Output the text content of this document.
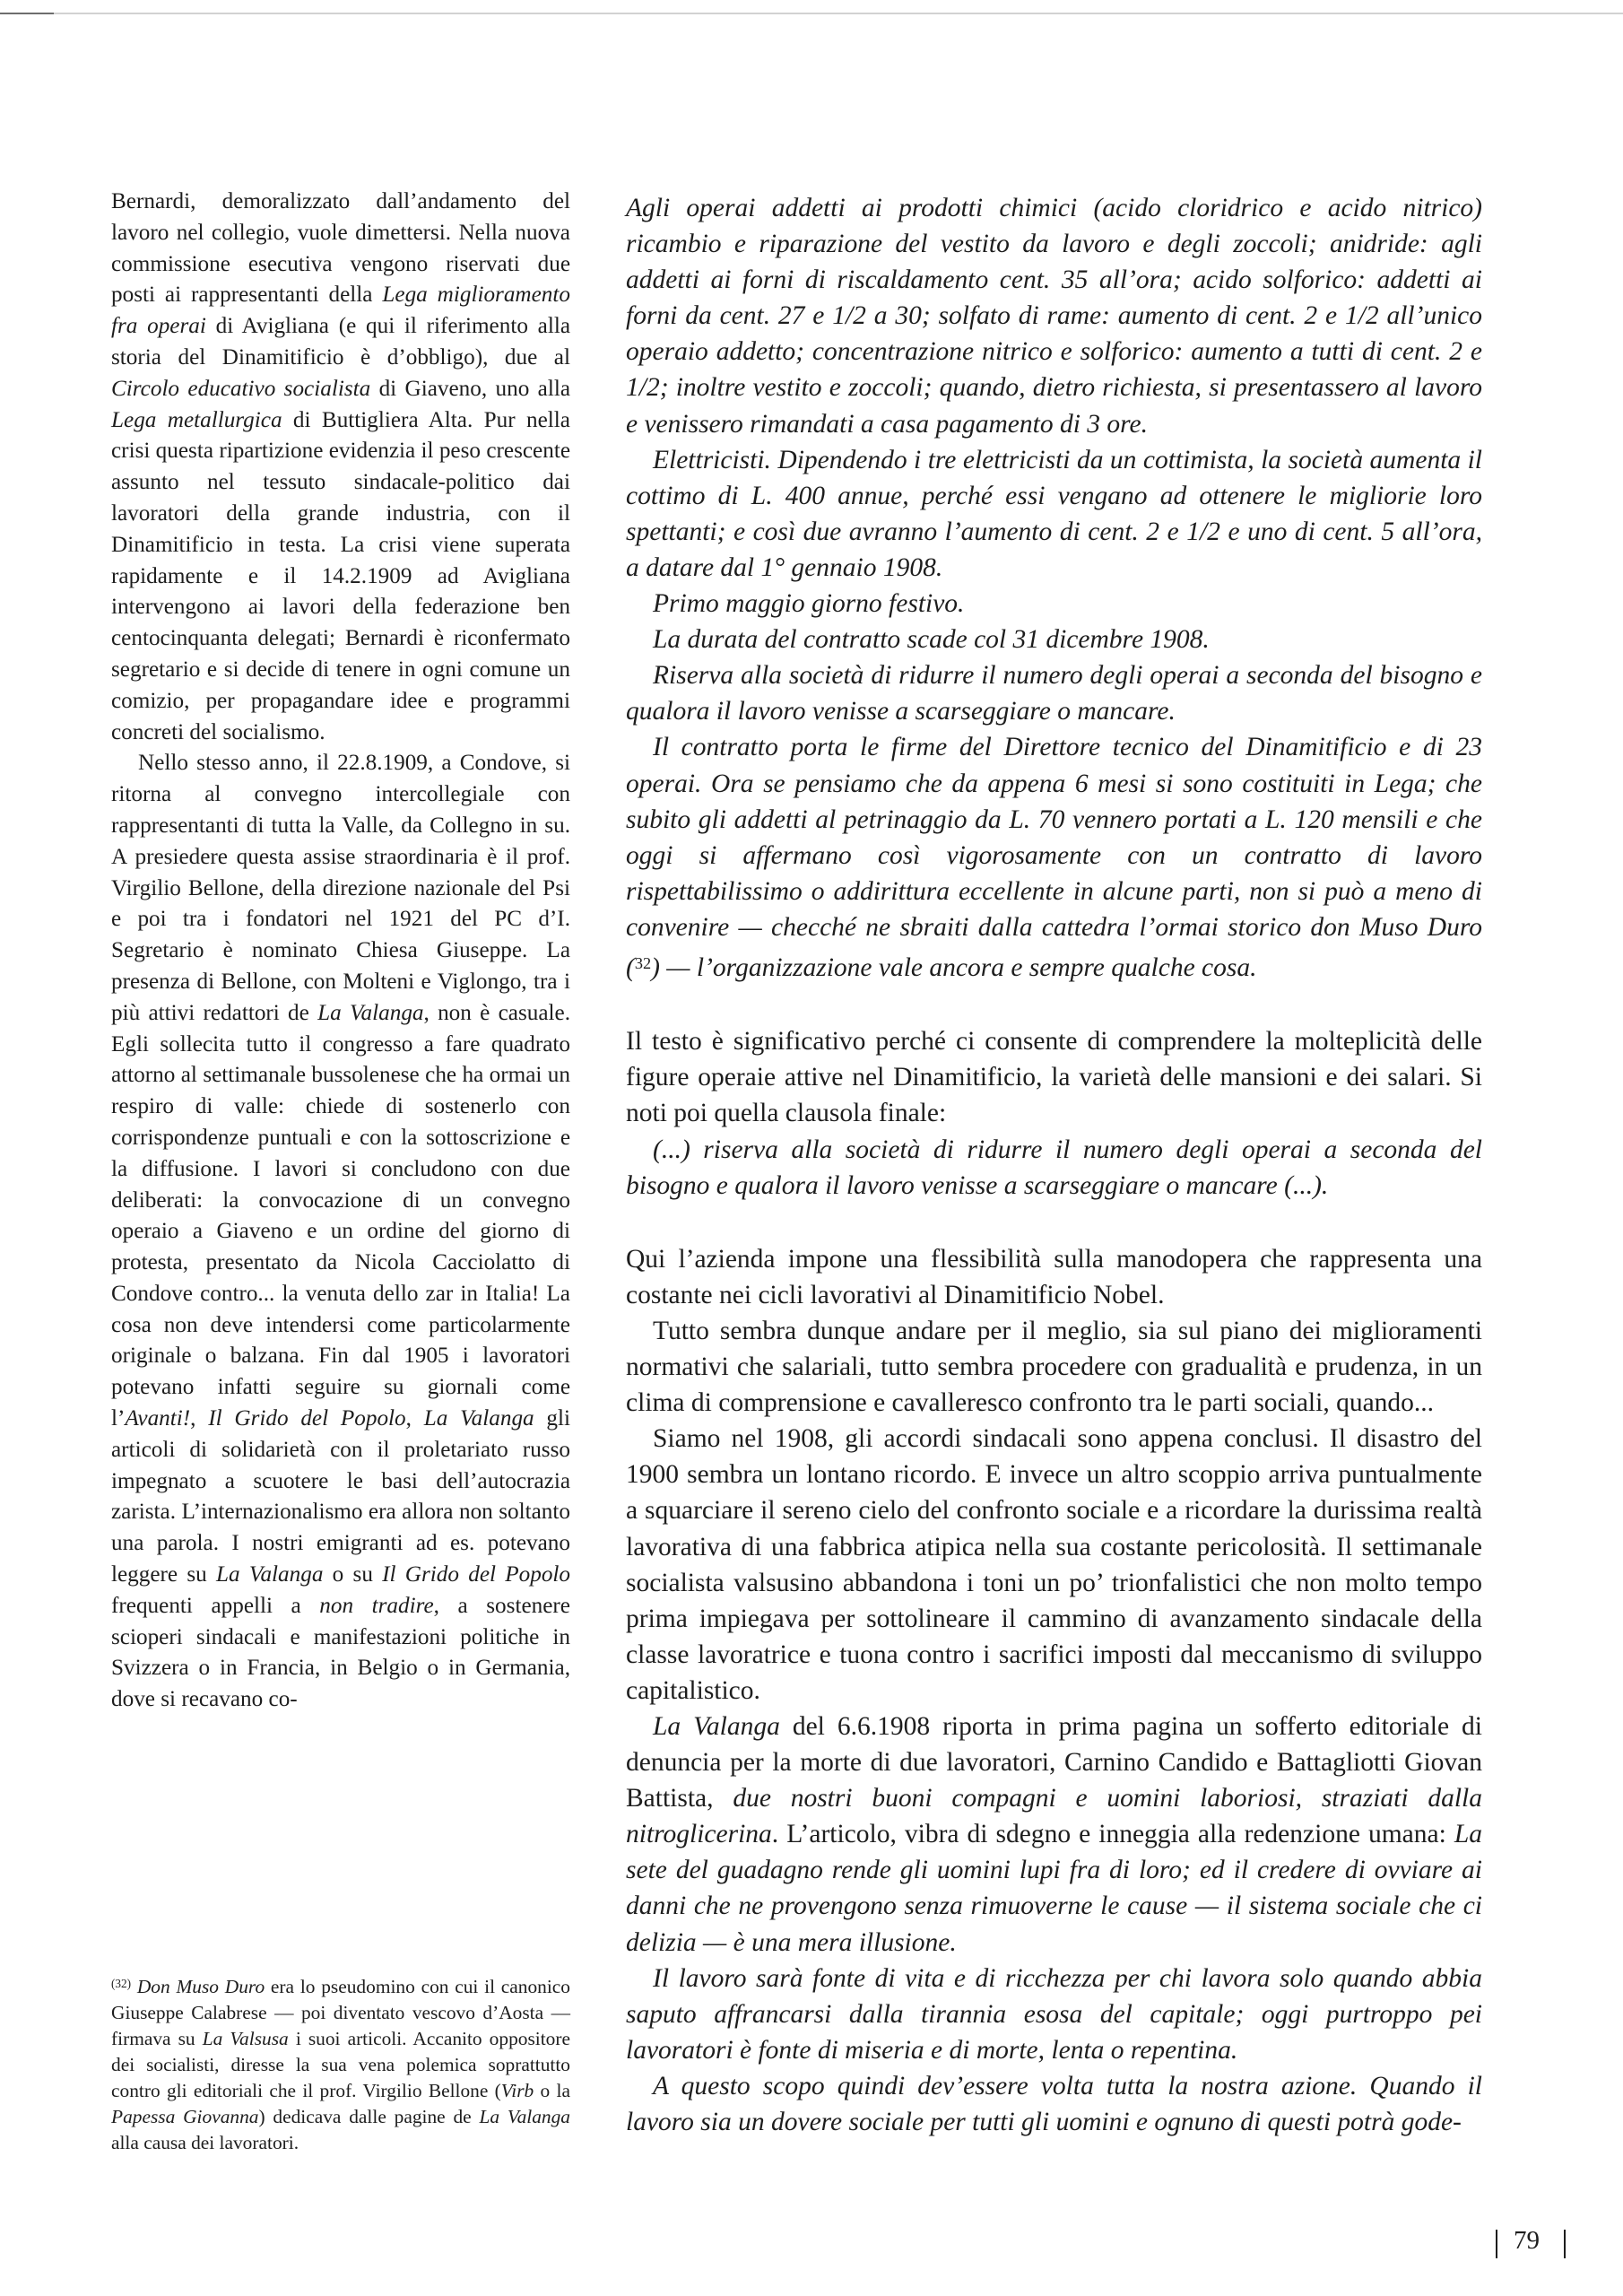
Bernardi, demoralizzato dall’andamento del lavoro nel collegio, vuole dimettersi. Nella nuova commissione esecutiva vengono riservati due posti ai rappresentanti della Lega miglioramento fra operai di Avigliana (e qui il riferimento alla storia del Dinamitificio è d’obbligo), due al Circolo educativo socialista di Giaveno, uno alla Lega metallurgica di Buttigliera Alta. Pur nella crisi questa ripartizione evidenzia il peso crescente assunto nel tessuto sindacale-politico dai lavoratori della grande industria, con il Dinamitificio in testa. La crisi viene superata rapidamente e il 14.2.1909 ad Avigliana intervengono ai lavori della federazione ben centocinquanta delegati; Bernardi è riconfermato segretario e si decide di tenere in ogni comune un comizio, per propagandare idee e programmi concreti del socialismo.

Nello stesso anno, il 22.8.1909, a Condove, si ritorna al convegno intercollegiale con rappresentanti di tutta la Valle, da Collegno in su. A presiedere questa assise straordinaria è il prof. Virgilio Bellone, della direzione nazionale del Psi e poi tra i fondatori nel 1921 del PC d’I. Segretario è nominato Chiesa Giuseppe. La presenza di Bellone, con Molteni e Viglongo, tra i più attivi redattori de La Valanga, non è casuale. Egli sollecita tutto il congresso a fare quadrato attorno al settimanale bussolenese che ha ormai un respiro di valle: chiede di sostenerlo con corrispondenze puntuali e con la sottoscrizione e la diffusione. I lavori si concludono con due deliberati: la convocazione di un convegno operaio a Giaveno e un ordine del giorno di protesta, presentato da Nicola Cacciolatto di Condove contro... la venuta dello zar in Italia! La cosa non deve intendersi come particolarmente originale o balzana. Fin dal 1905 i lavoratori potevano infatti seguire su giornali come l’Avanti!, Il Grido del Popolo, La Valanga gli articoli di solidarietà con il proletariato russo impegnato a scuotere le basi dell’autocrazia zarista. L’internazionalismo era allora non soltanto una parola. I nostri emigranti ad es. potevano leggere su La Valanga o su Il Grido del Popolo frequenti appelli a non tradire, a sostenere scioperi sindacali e manifestazioni politiche in Svizzera o in Francia, in Belgio o in Germania, dove si recavano co-

$^{(32)}$ Don Muso Duro era lo pseudomino con cui il canonico Giuseppe Calabrese — poi diventato vescovo d’Aosta — firmava su La Valsusa i suoi articoli. Accanito oppositore dei socialisti, diresse la sua vena polemica soprattutto contro gli editoriali che il prof. Virgilio Bellone (Virb o la Papessa Giovanna) dedicava dalle pagine de La Valanga alla causa dei lavoratori.

Agli operai addetti ai prodotti chimici (acido cloridrico e acido nitrico) ricambio e riparazione del vestito da lavoro e degli zoccoli; anidride: agli addetti ai forni di riscaldamento cent. 35 all’ora; acido solforico: addetti ai forni da cent. 27 e 1/2 a 30; solfato di rame: aumento di cent. 2 e 1/2 all’unico operaio addetto; concentrazione nitrico e solforico: aumento a tutti di cent. 2 e 1/2; inoltre vestito e zoccoli; quando, dietro richiesta, si presentassero al lavoro e venissero rimandati a casa pagamento di 3 ore.

Elettricisti. Dipendendo i tre elettricisti da un cottimista, la società aumenta il cottimo di L. 400 annue, perché essi vengano ad ottenere le migliorie loro spettanti; e così due avranno l’aumento di cent. 2 e 1/2 e uno di cent. 5 all’ora, a datare dal 1° gennaio 1908.

Primo maggio giorno festivo.

La durata del contratto scade col 31 dicembre 1908.

Riserva alla società di ridurre il numero degli operai a seconda del bisogno e qualora il lavoro venisse a scarseggiare o mancare.

Il contratto porta le firme del Direttore tecnico del Dinamitificio e di 23 operai. Ora se pensiamo che da appena 6 mesi si sono costituiti in Lega; che subito gli addetti al petrinaggio da L. 70 vennero portati a L. 120 mensili e che oggi si affermano così vigorosamente con un contratto di lavoro rispettabilissimo o addirittura eccellente in alcune parti, non si può a meno di convenire — checché ne sbraiti dalla cattedra l’ormai storico don Muso Duro ($^{32}$) — l’organizzazione vale ancora e sempre qualche cosa.

Il testo è significativo perché ci consente di comprendere la molteplicità delle figure operaie attive nel Dinamitificio, la varietà delle mansioni e dei salari. Si noti poi quella clausola finale:

(...) riserva alla società di ridurre il numero degli operai a seconda del bisogno e qualora il lavoro venisse a scarseggiare o mancare (...).

Qui l’azienda impone una flessibilità sulla manodopera che rappresenta una costante nei cicli lavorativi al Dinamitificio Nobel.

Tutto sembra dunque andare per il meglio, sia sul piano dei miglioramenti normativi che salariali, tutto sembra procedere con gradualità e prudenza, in un clima di comprensione e cavalleresco confronto tra le parti sociali, quando...

Siamo nel 1908, gli accordi sindacali sono appena conclusi. Il disastro del 1900 sembra un lontano ricordo. E invece un altro scoppio arriva puntualmente a squarciare il sereno cielo del confronto sociale e a ricordare la durissima realtà lavorativa di una fabbrica atipica nella sua costante pericolosità. Il settimanale socialista valsusino abbandona i toni un po’ trionfalistici che non molto tempo prima impiegava per sottolineare il cammino di avanzamento sindacale della classe lavoratrice e tuona contro i sacrifici imposti dal meccanismo di sviluppo capitalistico.

La Valanga del 6.6.1908 riporta in prima pagina un sofferto editoriale di denuncia per la morte di due lavoratori, Carnino Candido e Battagliotti Giovan Battista, due nostri buoni compagni e uomini laboriosi, straziati dalla nitroglicerina. L’articolo, vibra di sdegno e inneggia alla redenzione umana: La sete del guadagno rende gli uomini lupi fra di loro; ed il credere di ovviare ai danni che ne provengono senza rimuoverne le cause — il sistema sociale che ci delizia — è una mera illusione.

Il lavoro sarà fonte di vita e di ricchezza per chi lavora solo quando abbia saputo affrancarsi dalla tirannia esosa del capitale; oggi purtroppo pei lavoratori è fonte di miseria e di morte, lenta o repentina.

A questo scopo quindi dev’essere volta tutta la nostra azione. Quando il lavoro sia un dovere sociale per tutti gli uomini e ognuno di questi potrà gode-

79
